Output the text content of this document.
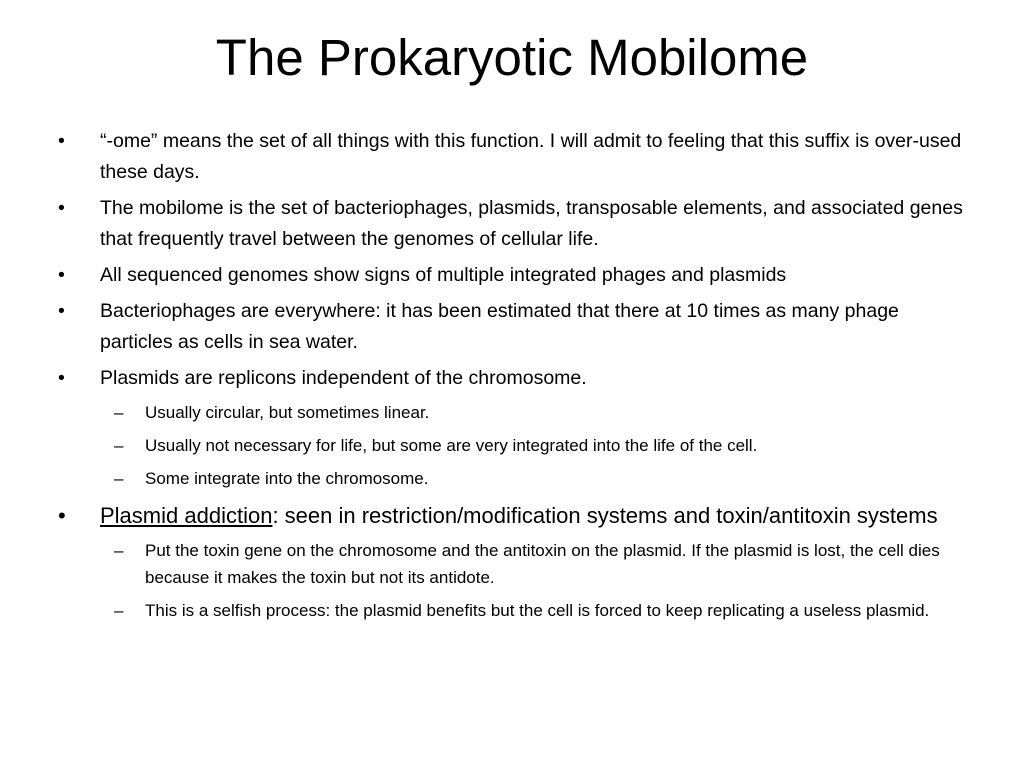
The Prokaryotic Mobilome
•	“-ome” means the set of all things with this function. I will admit to feeling that this suffix is over-used these days.
•	The mobilome is the set of bacteriophages, plasmids, transposable elements, and associated genes that frequently travel between the genomes of cellular life.
•	All sequenced genomes show signs of multiple integrated phages and plasmids
•	Bacteriophages are everywhere: it has been estimated that there at 10 times as many phage particles as cells in sea water.
•	Plasmids are replicons independent of the chromosome.
– Usually circular, but sometimes linear.
– Usually not necessary for life, but some are very integrated into the life of the cell.
– Some integrate into the chromosome.
•	Plasmid addiction: seen in restriction/modification systems and toxin/antitoxin systems
– Put the toxin gene on the chromosome and the antitoxin on the plasmid. If the plasmid is lost, the cell dies because it makes the toxin but not its antidote.
– This is a selfish process: the plasmid benefits but the cell is forced to keep replicating a useless plasmid.
